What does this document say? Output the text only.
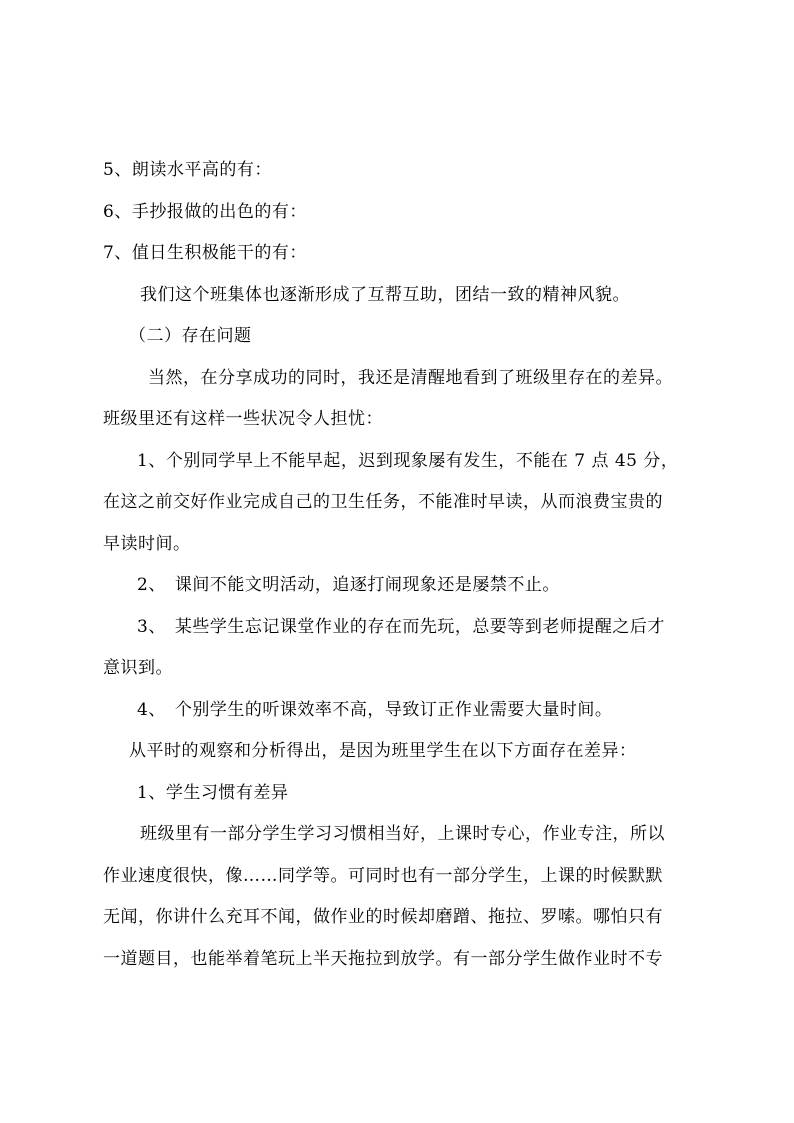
5、朗读水平高的有：
6、手抄报做的出色的有：
7、值日生积极能干的有：
我们这个班集体也逐渐形成了互帮互助，团结一致的精神风貌。
（二）存在问题
当然，在分享成功的同时，我还是清醒地看到了班级里存在的差异。
班级里还有这样一些状况令人担忧：
1、个别同学早上不能早起，迟到现象屡有发生，不能在 7 点 45 分，
在这之前交好作业完成自己的卫生任务，不能准时早读，从而浪费宝贵的
早读时间。
2、　课间不能文明活动，追逐打闹现象还是屡禁不止。
3、　某些学生忘记课堂作业的存在而先玩，总要等到老师提醒之后才
意识到。
4、　个别学生的听课效率不高，导致订正作业需要大量时间。
从平时的观察和分析得出，是因为班里学生在以下方面存在差异：
1、学生习惯有差异
班级里有一部分学生学习习惯相当好，上课时专心，作业专注，所以
作业速度很快，像……同学等。可同时也有一部分学生，上课的时候默默
无闻，你讲什么充耳不闻，做作业的时候却磨蹭、拖拉、罗嗦。哪怕只有
一道题目，也能举着笔玩上半天拖拉到放学。有一部分学生做作业时不专
